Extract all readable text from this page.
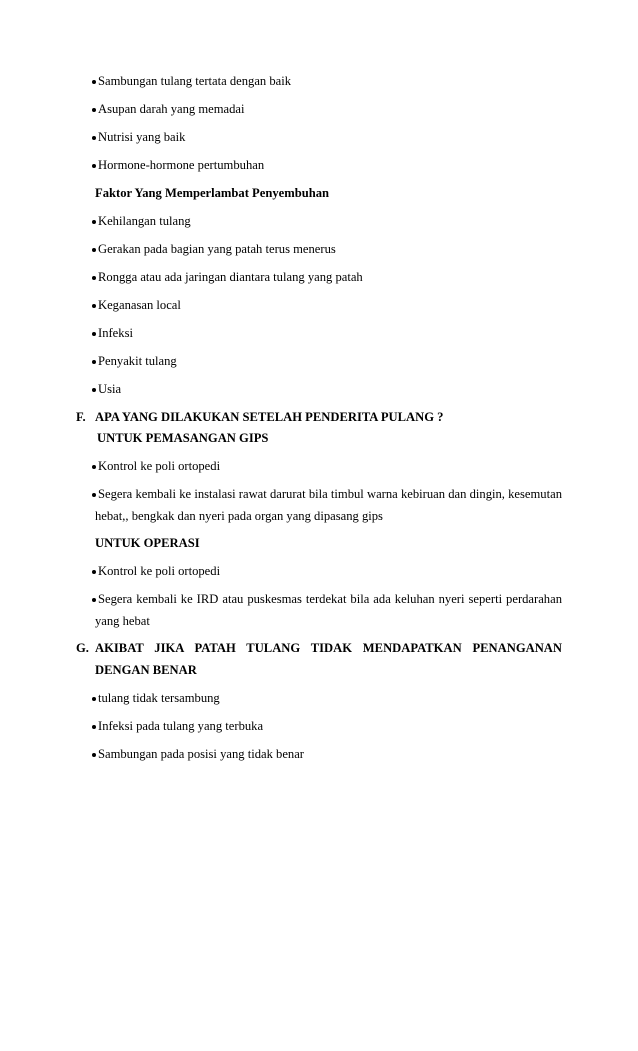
Sambungan tulang tertata dengan baik
Asupan darah yang memadai
Nutrisi yang baik
Hormone-hormone pertumbuhan
Faktor Yang Memperlambat Penyembuhan
Kehilangan tulang
Gerakan pada bagian yang patah terus menerus
Rongga atau ada jaringan diantara tulang yang patah
Keganasan local
Infeksi
Penyakit tulang
Usia
F. APA YANG DILAKUKAN SETELAH PENDERITA PULANG ?
UNTUK PEMASANGAN GIPS
Kontrol ke poli ortopedi
Segera kembali ke instalasi rawat darurat bila timbul warna kebiruan dan dingin, kesemutan
hebat,, bengkak dan nyeri pada organ yang dipasang gips
UNTUK OPERASI
Kontrol ke poli ortopedi
Segera kembali ke IRD atau puskesmas terdekat bila ada keluhan nyeri seperti perdarahan
yang hebat
G. AKIBAT JIKA PATAH TULANG TIDAK MENDAPATKAN PENANGANAN
DENGAN BENAR
tulang tidak tersambung
Infeksi pada tulang yang terbuka
Sambungan pada posisi yang tidak benar
